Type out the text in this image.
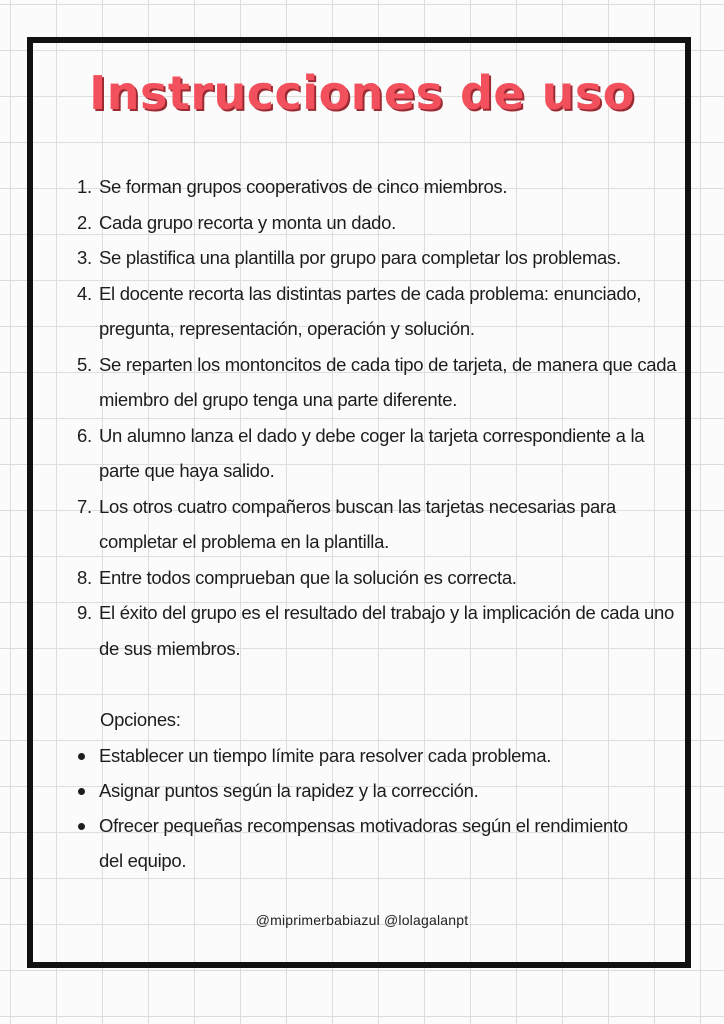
Instrucciones de uso
1. Se forman grupos cooperativos de cinco miembros.
2. Cada grupo recorta y monta un dado.
3. Se plastifica una plantilla por grupo para completar los problemas.
4. El docente recorta las distintas partes de cada problema: enunciado, pregunta, representación, operación y solución.
5. Se reparten los montoncitos de cada tipo de tarjeta, de manera que cada miembro del grupo tenga una parte diferente.
6. Un alumno lanza el dado y debe coger la tarjeta correspondiente a la parte que haya salido.
7. Los otros cuatro compañeros buscan las tarjetas necesarias para completar el problema en la plantilla.
8. Entre todos comprueban que la solución es correcta.
9. El éxito del grupo es el resultado del trabajo y la implicación de cada uno de sus miembros.

Opciones:

Establecer un tiempo límite para resolver cada problema.
Asignar puntos según la rapidez y la corrección.
Ofrecer pequeñas recompensas motivadoras según el rendimiento del equipo.
@miprimerbabiazul @lolagalanpt
